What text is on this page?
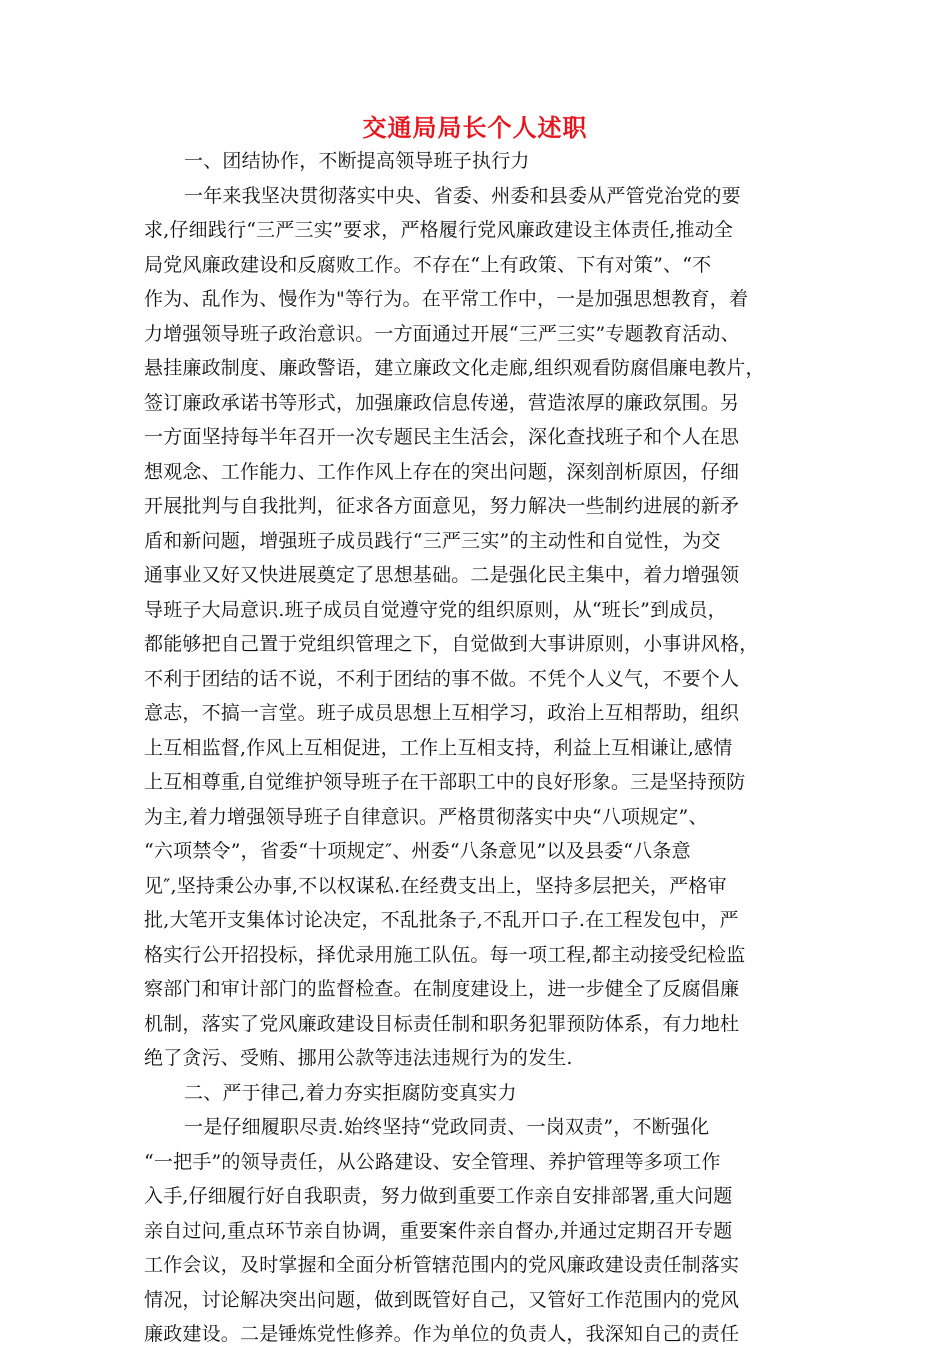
交通局局长个人述职
一、团结协作，不断提高领导班子执行力
一年来我坚决贯彻落实中央、省委、州委和县委从严管党治党的要
求,仔细践行“三严三实”要求，严格履行党风廉政建设主体责任,推动全
局党风廉政建设和反腐败工作。不存在“上有政策、下有对策”、“不
作为、乱作为、慢作为"等行为。在平常工作中，一是加强思想教育，着
力增强领导班子政治意识。一方面通过开展“三严三实”专题教育活动、
悬挂廉政制度、廉政警语，建立廉政文化走廊,组织观看防腐倡廉电教片，
签订廉政承诺书等形式，加强廉政信息传递，营造浓厚的廉政氛围。另
一方面坚持每半年召开一次专题民主生活会，深化查找班子和个人在思
想观念、工作能力、工作作风上存在的突出问题，深刻剖析原因，仔细
开展批判与自我批判，征求各方面意见，努力解决一些制约进展的新矛
盾和新问题，增强班子成员践行“三严三实”的主动性和自觉性，为交
通事业又好又快进展奠定了思想基础。二是强化民主集中，着力增强领
导班子大局意识.班子成员自觉遵守党的组织原则，从“班长”到成员，
都能够把自己置于党组织管理之下，自觉做到大事讲原则，小事讲风格，
不利于团结的话不说，不利于团结的事不做。不凭个人义气，不要个人
意志，不搞一言堂。班子成员思想上互相学习，政治上互相帮助，组织
上互相监督,作风上互相促进，工作上互相支持，利益上互相谦让,感情
上互相尊重,自觉维护领导班子在干部职工中的良好形象。三是坚持预防
为主,着力增强领导班子自律意识。严格贯彻落实中央“八项规定”、
“六项禁令”，省委“十项规定″、州委“八条意见”以及县委“八条意
见″,坚持秉公办事,不以权谋私.在经费支出上，坚持多层把关，严格审
批,大笔开支集体讨论决定，不乱批条子,不乱开口子.在工程发包中，严
格实行公开招投标，择优录用施工队伍。每一项工程,都主动接受纪检监
察部门和审计部门的监督检查。在制度建设上，进一步健全了反腐倡廉
机制，落实了党风廉政建设目标责任制和职务犯罪预防体系，有力地杜
绝了贪污、受贿、挪用公款等违法违规行为的发生.
二、严于律己,着力夯实拒腐防变真实力
一是仔细履职尽责.始终坚持“党政同责、一岗双责”，不断强化
“一把手”的领导责任，从公路建设、安全管理、养护管理等多项工作
入手,仔细履行好自我职责，努力做到重要工作亲自安排部署,重大问题
亲自过问,重点环节亲自协调，重要案件亲自督办,并通过定期召开专题
工作会议，及时掌握和全面分析管辖范围内的党风廉政建设责任制落实
情况，讨论解决突出问题，做到既管好自己，又管好工作范围内的党风
廉政建设。二是锤炼党性修养。作为单位的负责人，我深知自己的责任
